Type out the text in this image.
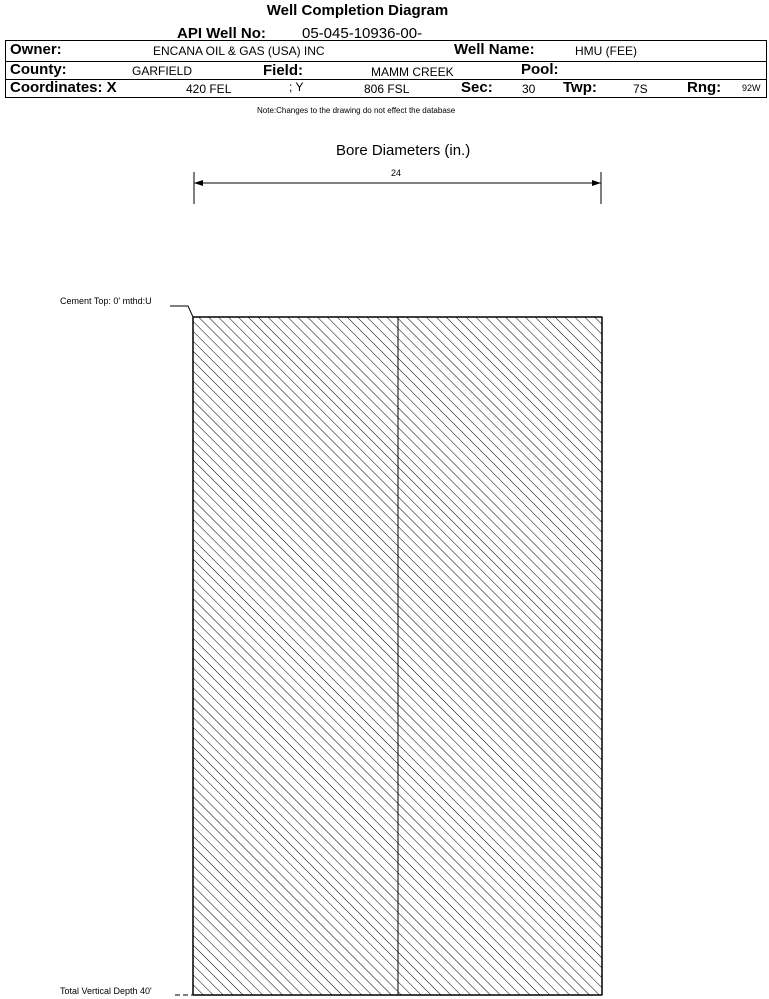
Well Completion Diagram
API Well No: 05-045-10936-00-
Owner:	ENCANA OIL & GAS (USA) INC	Well Name:	HMU (FEE)
County:	GARFIELD	Field:	MAMM CREEK	Pool:
Coordinates: X	420 FEL	; Y	806 FSL	Sec: 30 Twp:	7S	Rng: 92W
Note:Changes to the drawing do not effect the database
Bore Diameters (in.)
24
Cement Top: 0' mthd:U
Total Vertical Depth 40'
